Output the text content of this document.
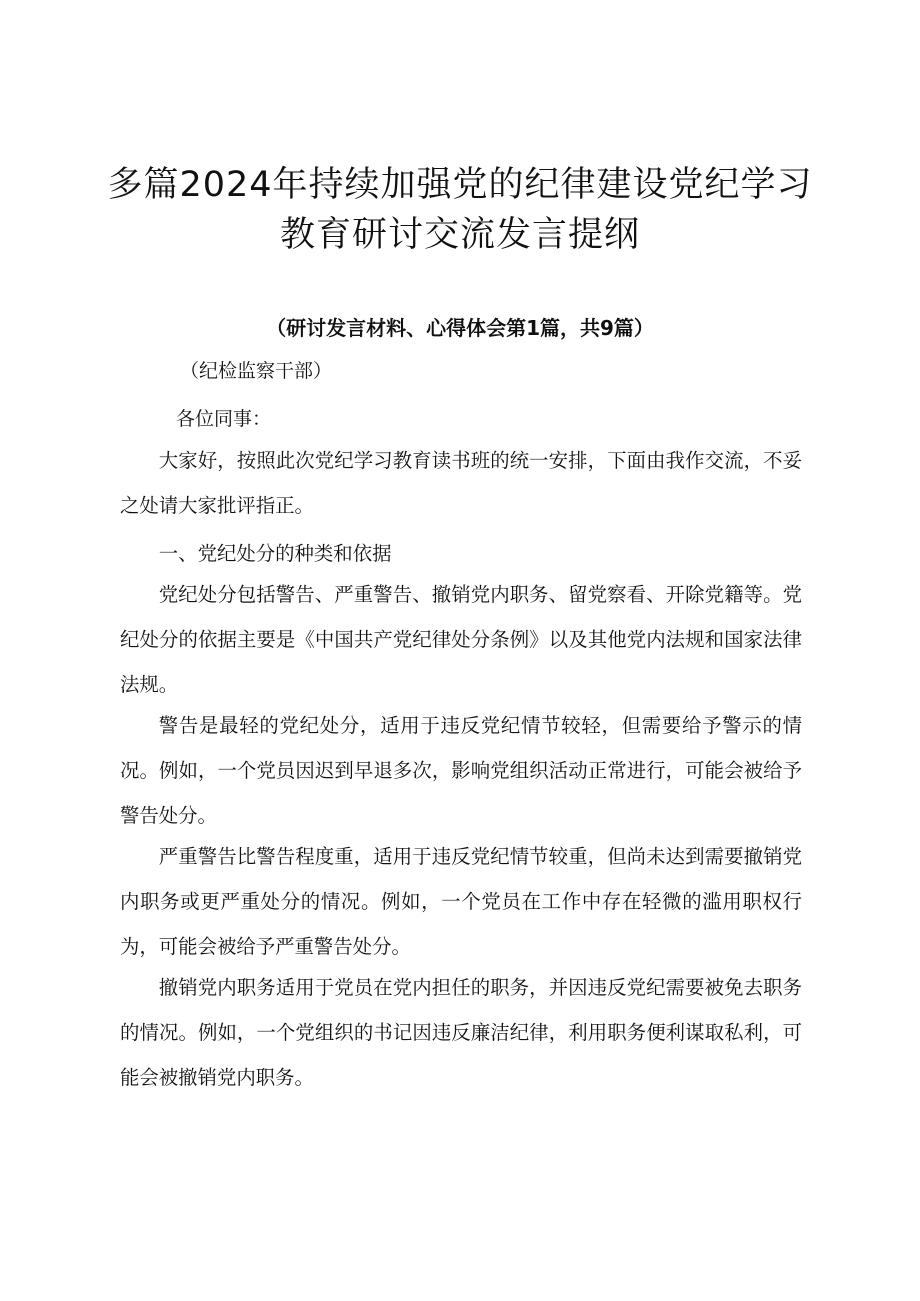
多篇2024年持续加强党的纪律建设党纪学习
教育研讨交流发言提纲
（研讨发言材料、心得体会第1篇，共9篇）
（纪检监察干部）
各位同事：

大家好，按照此次党纪学习教育读书班的统一安排，下面由我作交流，不妥之处请大家批评指正。

一、党纪处分的种类和依据

党纪处分包括警告、严重警告、撤销党内职务、留党察看、开除党籍等。党纪处分的依据主要是《中国共产党纪律处分条例》以及其他党内法规和国家法律法规。

警告是最轻的党纪处分，适用于违反党纪情节较轻，但需要给予警示的情况。例如，一个党员因迟到早退多次，影响党组织活动正常进行，可能会被给予警告处分。

严重警告比警告程度重，适用于违反党纪情节较重，但尚未达到需要撤销党内职务或更严重处分的情况。例如，一个党员在工作中存在轻微的滥用职权行为，可能会被给予严重警告处分。

撤销党内职务适用于党员在党内担任的职务，并因违反党纪需要被免去职务的情况。例如，一个党组织的书记因违反廉洁纪律，利用职务便利谋取私利，可能会被撤销党内职务。
